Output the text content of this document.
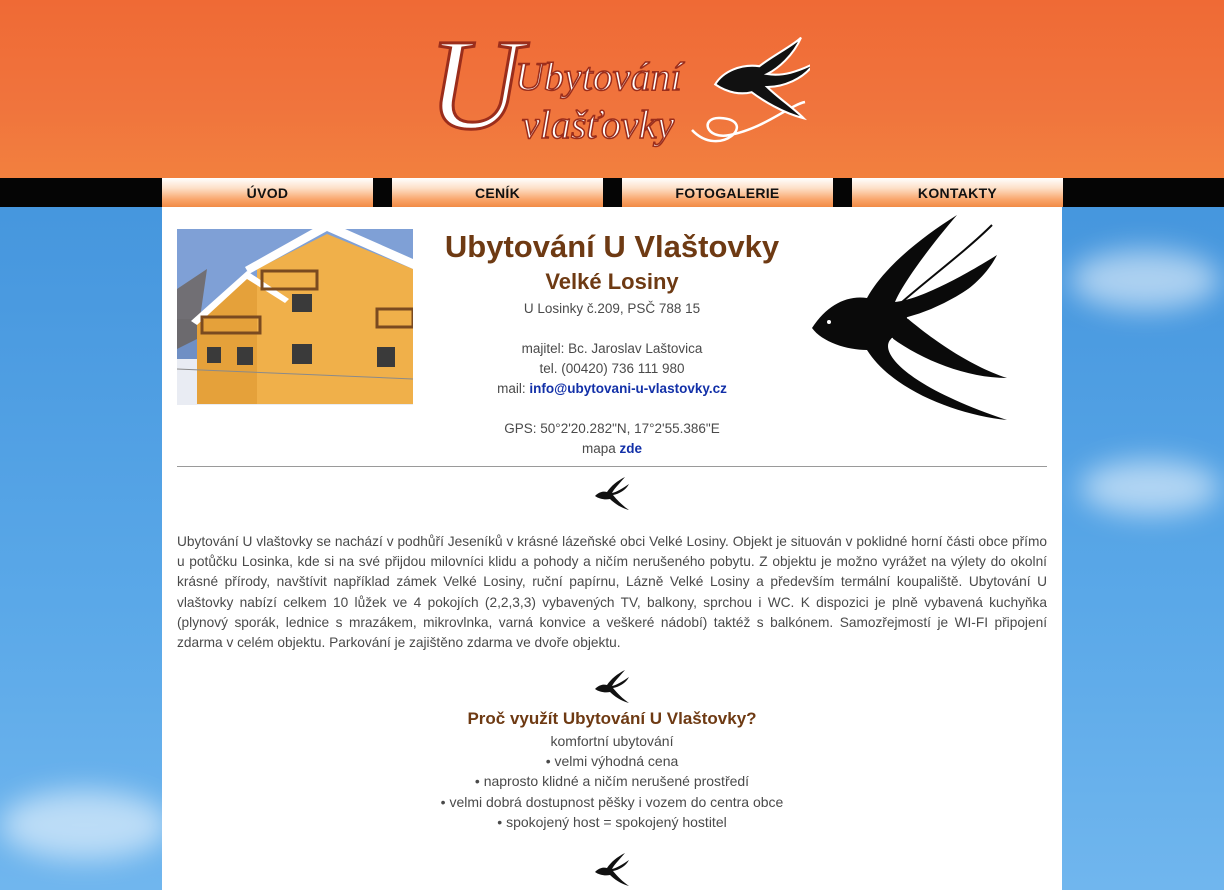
U
Ubytování
vlašťovky
ÚVOD	CENÍK	FOTOGALERIE	KONTAKTY
Ubytování U Vlaštovky
Velké Losiny
U Losinky č.209, PSČ 788 15
majitel: Bc. Jaroslav Laštovica
tel. (00420) 736 111 980
mail: info@ubytovani-u-vlastovky.cz
GPS: 50°2'20.282"N, 17°2'55.386"E
mapa zde
Ubytování U vlaštovky se nachází v podhůří Jeseníků v krásné lázeňské obci Velké Losiny. Objekt je situován v poklidné horní části obce přímo u potůčku Losinka, kde si na své přijdou milovníci klidu a pohody a ničím nerušeného pobytu. Z objektu je možno vyrážet na výlety do okolní krásné přírody, navštívit například zámek Velké Losiny, ruční papírnu, Lázně Velké Losiny a především termální koupaliště. Ubytování U vlaštovky nabízí celkem 10 lůžek ve 4 pokojích (2,2,3,3) vybavených TV, balkony, sprchou i WC. K dispozici je plně vybavená kuchyňka (plynový sporák, lednice s mrazákem, mikrovlnka, varná konvice a veškeré nádobí) taktéž s balkónem. Samozřejmostí je WI-FI připojení zdarma v celém objektu. Parkování je zajištěno zdarma ve dvoře objektu.
Proč využít Ubytování U Vlaštovky?
komfortní ubytování
• velmi výhodná cena
• naprosto klidné a ničím nerušené prostředí
• velmi dobrá dostupnost pěšky i vozem do centra obce
• spokojený host = spokojený hostitel
